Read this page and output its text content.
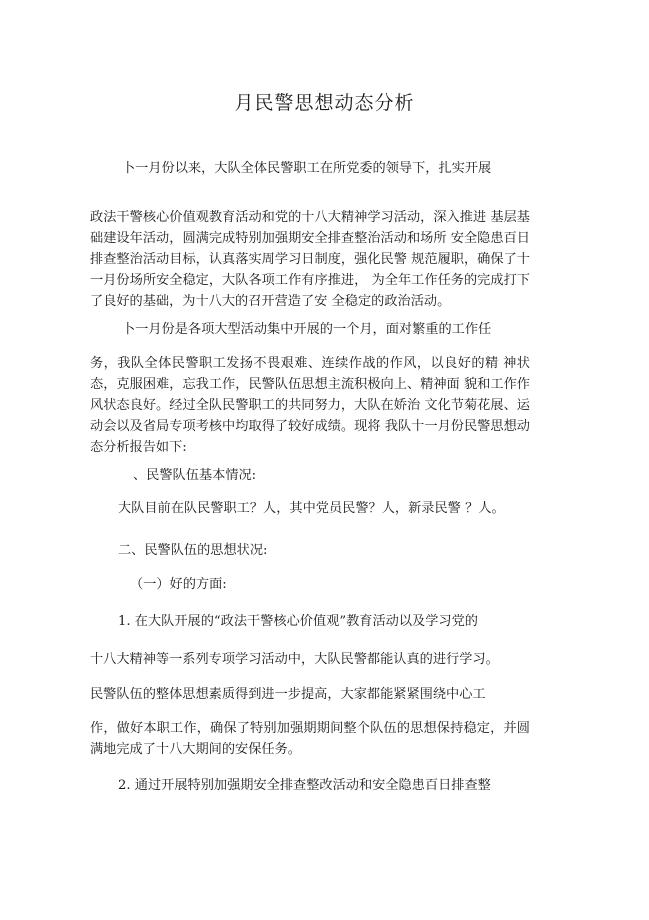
月民警思想动态分析

卜一月份以来，大队全体民警职工在所党委的领导下，扎实开展

政法干警核心价值观教育活动和党的十八大精神学习活动，深入推进 基层基础建设年活动，圆满完成特别加强期安全排查整治活动和场所 安全隐患百日排查整治活动目标，认真落实周学习日制度，强化民警 规范履职，确保了十一月份场所安全稳定，大队各项工作有序推进， 为全年工作任务的完成打下了良好的基础，为十八大的召开营造了安 全稳定的政治活动。

卜一月份是各项大型活动集中开展的一个月，面对繁重的工作任

务，我队全体民警职工发扬不畏艰难、连续作战的作风，以良好的精 神状态，克服困难，忘我工作，民警队伍思想主流积极向上、精神面 貌和工作作风状态良好。经过全队民警职工的共同努力，大队在娇治 文化节菊花展、运动会以及省局专项考核中均取得了较好成绩。现将 我队十一月份民警思想动态分析报告如下:

、民警队伍基本情况:

大队目前在队民警职工？人，其中党员民警？人，新录民警 ？人。

二、民警队伍的思想状况:

（一）好的方面:

1. 在大队开展的“政法干警核心价值观”教育活动以及学习党的

十八大精神等一系列专项学习活动中，大队民警都能认真的进行学习。

民警队伍的整体思想素质得到进一步提高，大家都能紧紧围绕中心工

作，做好本职工作，确保了特别加强期期间整个队伍的思想保持稳定，并圆满地完成了十八大期间的安保任务。

2. 通过开展特别加强期安全排查整改活动和安全隐患百日排查整
